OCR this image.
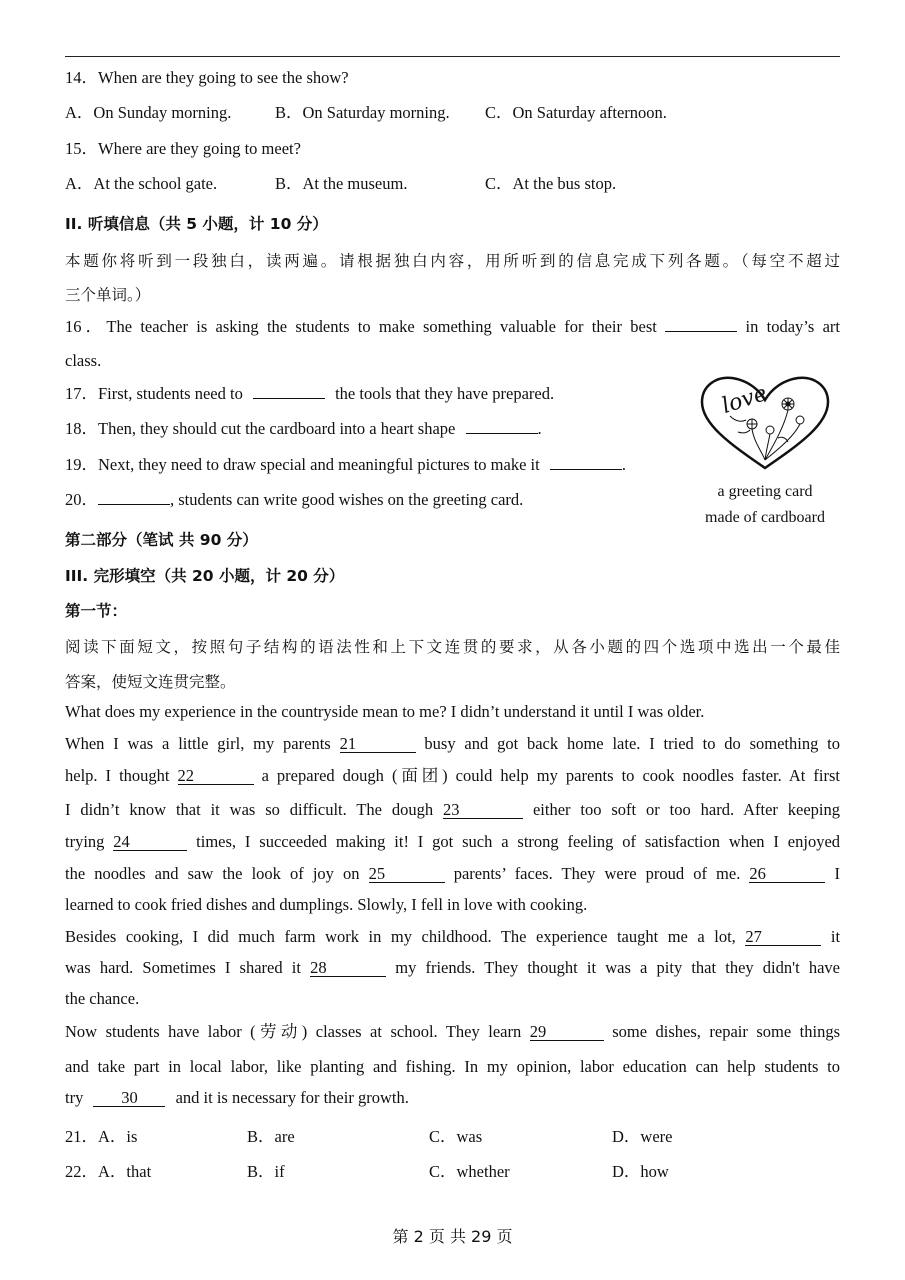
14．When are they going to see the show?
A．On Sunday morning.	B．On Saturday morning. C．On Saturday afternoon.
15．Where are they going to meet?
A．At the school gate.	B．At the museum.	C．At the bus stop.
II. 听填信息（共 5 小题，计 10 分）
本题你将听到一段独白，读两遍。请根据独白内容，用所听到的信息完成下列各题。（每空不超过
三个单词。）
16．The teacher is asking the students to make something valuable for their best	in today’s art
class.
17．First, students need to	the tools that they have prepared.
18．Then, they should cut the cardboard into a heart shape	.
19．Next, they need to draw special and meaningful pictures to make it	.
20．	, students can write good wishes on the greeting card.
love
a greeting card
made of cardboard
第二部分（笔试 共 90 分）
III. 完形填空（共 20 小题，计 20 分）
第一节：
阅读下面短文，按照句子结构的语法性和上下文连贯的要求，从各小题的四个选项中选出一个最佳
答案，使短文连贯完整。
What does my experience in the countryside mean to me? I didn’t understand it until I was older.
When I was a little girl, my parents 21	busy and got back home late. I tried to do something to
help. I thought 22	a prepared dough (面团) could help my parents to cook noodles faster. At first
I didn’t know that it was so difficult. The dough 23	either too soft or too hard. After keeping
trying 24	times, I succeeded making it! I got such a strong feeling of satisfaction when I enjoyed
the noodles and saw the look of joy on 25	parents’ faces. They were proud of me. 26	I
learned to cook fried dishes and dumplings. Slowly, I fell in love with cooking.
Besides cooking, I did much farm work in my childhood. The experience taught me a lot, 27	it
was hard. Sometimes I shared it 28	my friends. They thought it was a pity that they didn't have
the chance.
Now students have labor (劳动) classes at school. They learn 29	some dishes, repair some things
and take part in local labor, like planting and fishing. In my opinion, labor education can help students to
try 30 and it is necessary for their growth.
21．A．is	B．are	C．was	D．were
22．A．that	B．if	C．whether	D．how
第 2 页 共 29 页
